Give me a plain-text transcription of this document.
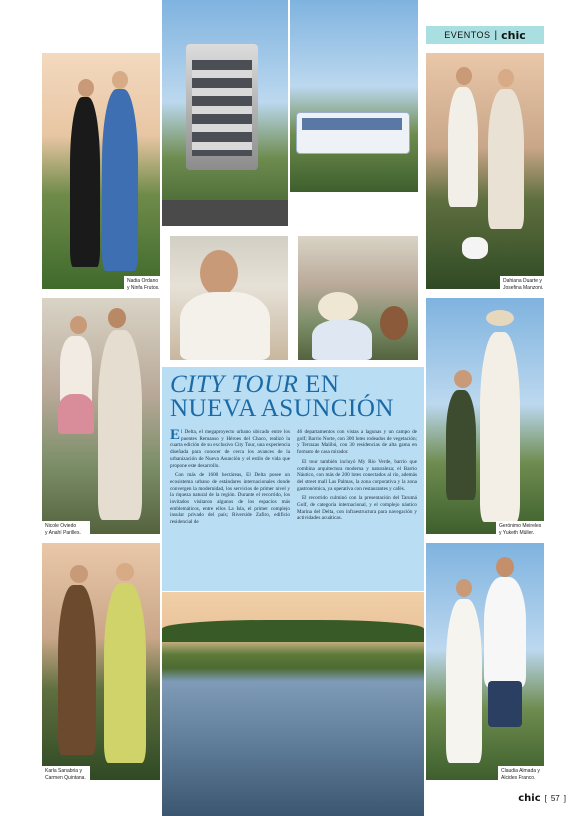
EVENTOS | chic
Nadia Ordano
y Ninfa Frutos.
Nicole Oviedo
y Anahí Parilles.
Karla Sanabria y
Carmen Quintana.
CITY TOUR EN
NUEVA ASUNCIÓN

El Delta, el megaproyecto urbano ubicado entre los puentes Remanso y Héroes del Chaco, realizó la cuarta edición de su exclusivo City Tour, una experiencia diseñada para conocer de cerca los avances de la urbanización de Nueva Asunción y el estilo de vida que propone este desarrollo.

Con más de 1600 hectáreas, El Delta posee un ecosistema urbano de estándares internacionales donde convergen la modernidad, los servicios de primer nivel y la riqueza natural de la región. Durante el recorrido, los invitados visitaron algunos de los espacios más emblemáticos, entre ellos La Isla, el primer complejo insular privado del país; Riverside Zafiro, edificio residencial de

46 departamentos con vistas a lagunas y un campo de golf; Barrio Norte, con 300 lotes rodeados de vegetación; y Terrazas Malibú, con 30 residencias de alta gama en formato de casa mirador.

El tour también incluyó My Río Verde, barrio que combina arquitectura moderna y naturaleza; el Barrio Náutico, con más de 200 lotes conectados al río, además del street mall Las Palmas, la zona corporativa y la zona gastronómica, ya operativa con restaurantes y cafés.

El recorrido culminó con la presentación del Tarumá Golf, de categoría internacional, y el complejo náutico Marina del Delta, con infraestructura para navegación y actividades acuáticas.

Dahiana Duarte y
Josefina Manzoni.
Gerónimo Meireles
y Yuketh Müller.
Claudia Almada y
Alcides Franco.
chic [ 57 ]
